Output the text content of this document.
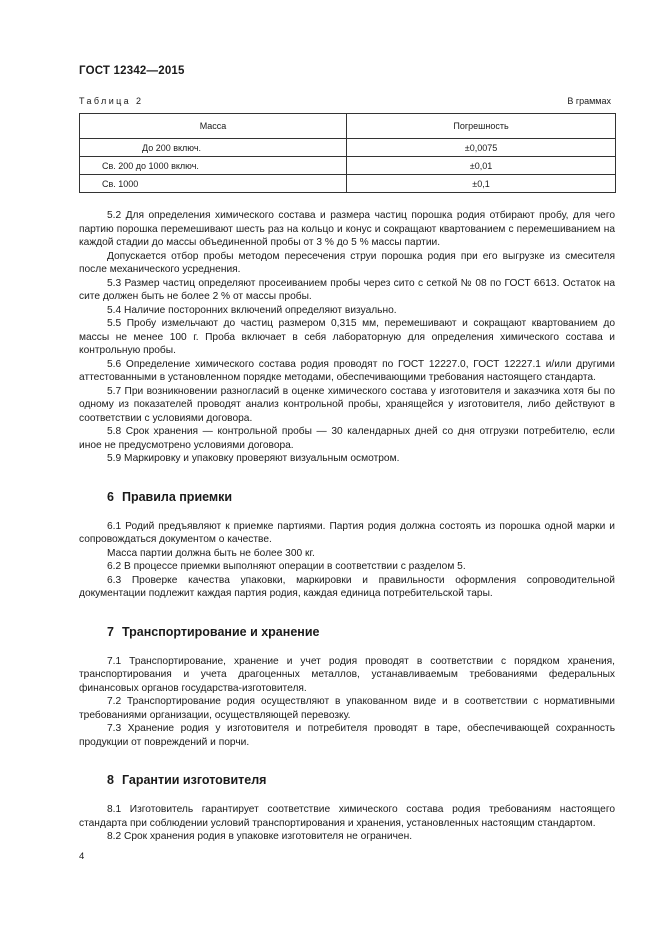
ГОСТ 12342—2015
Таблица 2	В граммах
Масса	Погрешность
До 200 включ.	±0,0075
Св. 200 до 1000 включ.	±0,01
Св. 1000	±0,1

5.2 Для определения химического состава и размера частиц порошка родия отбирают пробу, для чего партию порошка перемешивают шесть раз на кольцо и конус и сокращают квартованием с перемешиванием на каждой стадии до массы объединенной пробы от 3 % до 5 % массы партии.

Допускается отбор пробы методом пересечения струи порошка родия при его выгрузке из смесителя после механического усреднения.

5.3 Размер частиц определяют просеиванием пробы через сито с сеткой № 08 по ГОСТ 6613. Остаток на сите должен быть не более 2 % от массы пробы.

5.4 Наличие посторонних включений определяют визуально.

5.5 Пробу измельчают до частиц размером 0,315 мм, перемешивают и сокращают квартованием до массы не менее 100 г. Проба включает в себя лабораторную для определения химического состава и контрольную пробы.

5.6 Определение химического состава родия проводят по ГОСТ 12227.0, ГОСТ 12227.1 и/или другими аттестованными в установленном порядке методами, обеспечивающими требования настоящего стандарта.

5.7 При возникновении разногласий в оценке химического состава у изготовителя и заказчика хотя бы по одному из показателей проводят анализ контрольной пробы, хранящейся у изготовителя, либо действуют в соответствии с условиями договора.

5.8 Срок хранения — контрольной пробы — 30 календарных дней со дня отгрузки потребителю, если иное не предусмотрено условиями договора.

5.9 Маркировку и упаковку проверяют визуальным осмотром.

6 Правила приемки

6.1 Родий предъявляют к приемке партиями. Партия родия должна состоять из порошка одной марки и сопровождаться документом о качестве.

Масса партии должна быть не более 300 кг.

6.2 В процессе приемки выполняют операции в соответствии с разделом 5.

6.3 Проверке качества упаковки, маркировки и правильности оформления сопроводительной документации подлежит каждая партия родия, каждая единица потребительской тары.

7 Транспортирование и хранение

7.1 Транспортирование, хранение и учет родия проводят в соответствии с порядком хранения, транспортирования и учета драгоценных металлов, устанавливаемым требованиями федеральных финансовых органов государства-изготовителя.

7.2 Транспортирование родия осуществляют в упакованном виде и в соответствии с нормативными требованиями организации, осуществляющей перевозку.

7.3 Хранение родия у изготовителя и потребителя проводят в таре, обеспечивающей сохранность продукции от повреждений и порчи.

8 Гарантии изготовителя

8.1 Изготовитель гарантирует соответствие химического состава родия требованиям настоящего стандарта при соблюдении условий транспортирования и хранения, установленных настоящим стандартом.

8.2 Срок хранения родия в упаковке изготовителя не ограничен.

4
